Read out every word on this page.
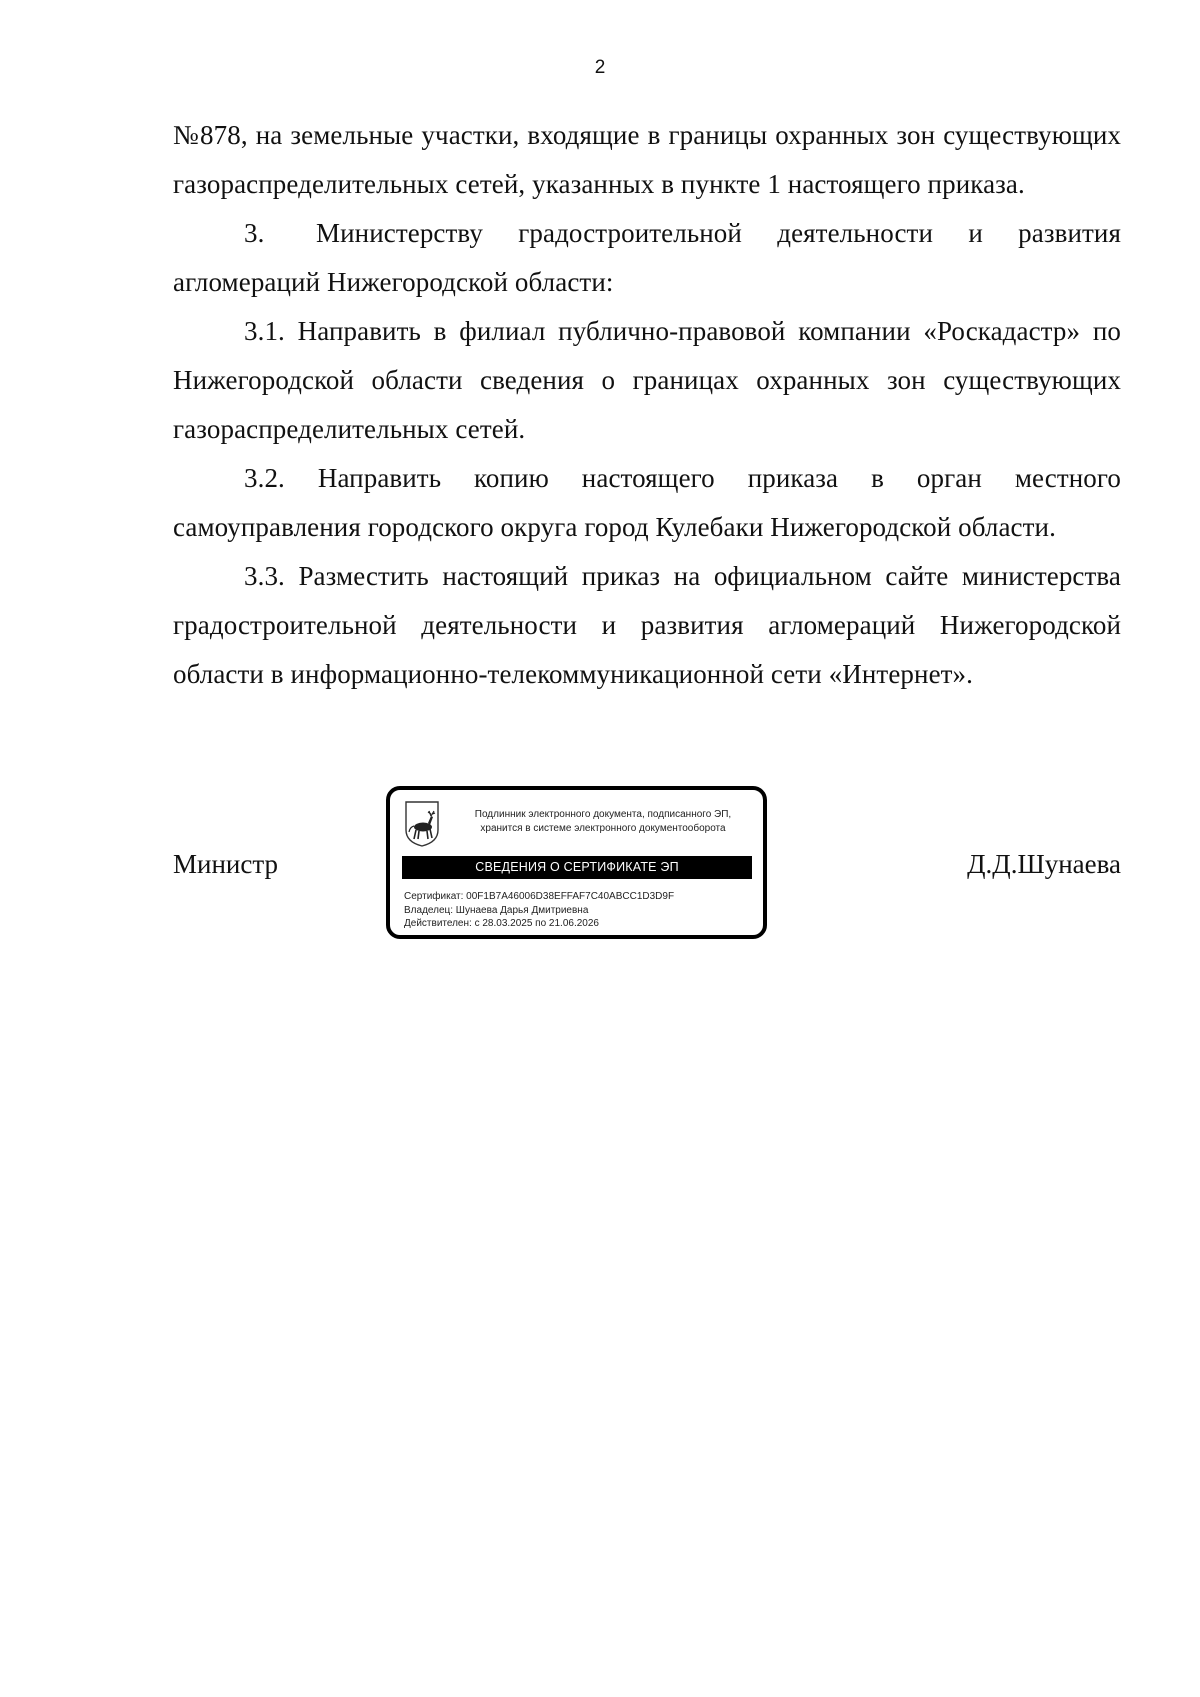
2

№878, на земельные участки, входящие в границы охранных зон существующих газораспределительных сетей, указанных в пункте 1 настоящего приказа.

3. Министерству градостроительной деятельности и развития агломераций Нижегородской области:

3.1. Направить в филиал публично-правовой компании «Роскадастр» по Нижегородской области сведения о границах охранных зон существующих газораспределительных сетей.

3.2. Направить копию настоящего приказа в орган местного самоуправления городского округа город Кулебаки Нижегородской области.

3.3. Разместить настоящий приказ на официальном сайте министерства градостроительной деятельности и развития агломераций Нижегородской области в информационно-телекоммуникационной сети «Интернет».

Министр
Подлинник электронного документа, подписанного ЭП,
хранится в системе электронного документооборота
СВЕДЕНИЯ О СЕРТИФИКАТЕ ЭП
Сертификат: 00F1B7A46006D38EFFAF7C40ABCC1D3D9F
Владелец: Шунаева Дарья Дмитриевна
Действителен: с 28.03.2025 по 21.06.2026
Д.Д.Шунаева
